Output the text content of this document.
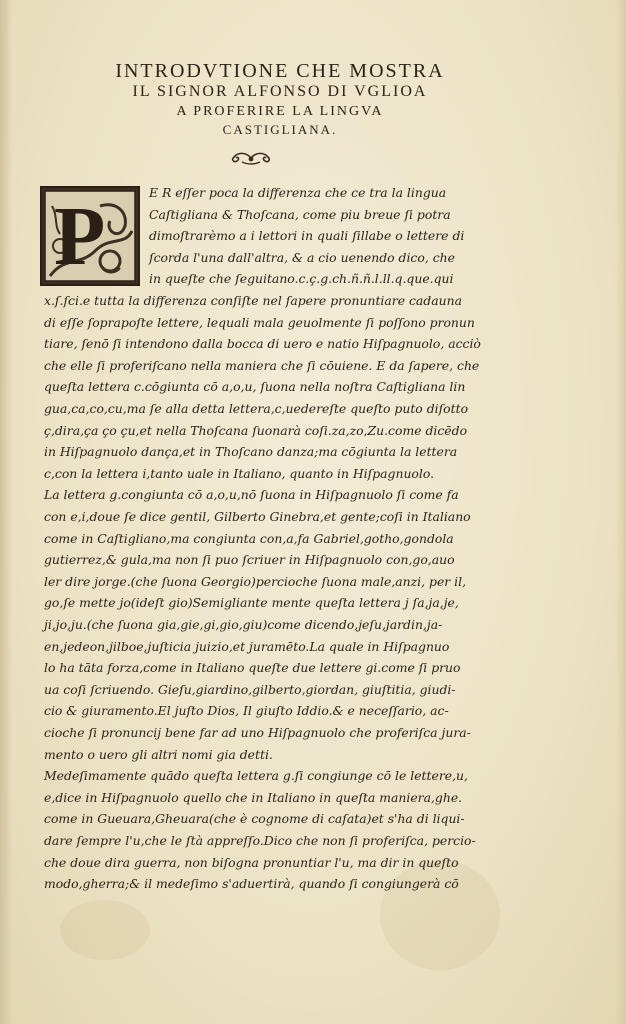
INTRODVTIONE CHE MOSTRA
IL SIGNOR ALFONSO DI VGLIOA
A PROFERIRE LA LINGVA
CASTIGLIANA.
P	E R eſſer poca la differenza che ce tra la lingua
Caſtigliana & Thoſcana, come piu breue ſi potra
dimoſtrarèmo a i lettori in quali ſillabe o lettere di
ſcorda l'una dall'altra, & a cio uenendo dico, che
in queſte che ſeguitano.c.ç.g.ch.ñ.ñ.l.ll.q.que.qui
x.ſ.ſci.e tutta la differenza conſiſte nel ſapere pronuntiare cadauna
di eſſe ſoprapoſte lettere, lequali mala geuolmente ſi poſſono pronun
tiare, ſenō ſi intendono dalla bocca di uero e natio Hiſpagnuolo, acciò
che elle ſi proferiſcano nella maniera che ſi cōuiene. E da ſapere, che
queſta lettera c.cōgiunta cō a,o,u, ſuona nella noſtra Caſtigliana lin
gua,ca,co,cu,ma ſe alla detta lettera,c,uedereſte queſto puto diſotto
ç,dira,ça ço çu,et nella Thoſcana ſuonarà coſi.za,zo,Zu.come dicēdo
in Hiſpagnuolo dança,et in Thoſcano danza;ma cōgiunta la lettera
c,con la lettera i,tanto uale in Italiano, quanto in Hiſpagnuolo.
La lettera g.congiunta cō a,o,u,nō ſuona in Hiſpagnuolo ſi come fa
con e,i,doue ſe dice gentil, Gilberto Ginebra,et gente;coſi in Italiano
come in Caſtigliano,ma congiunta con,a,fa Gabriel,gotho,gondola
gutierrez,& gula,ma non ſi puo ſcriuer in Hiſpagnuolo con,go,auo
ler dire jorge.(che ſuona Georgio)percioche ſuona male,anzi, per il,
go,ſe mette jo(ideſt gio)Semigliante mente queſta lettera j ſa,ja,je,
ji,jo,ju.(che ſuona gia,gie,gi,gio,giu)come dicendo,jeſu,jardin,ja-
en,jedeon,jilboe,juſticia juizio,et juramēto.La quale in Hiſpagnuo
lo ha tāta forza,come in Italiano queſte due lettere gi.come ſi pruo
ua coſi ſcriuendo. Gieſu,giardino,gilberto,giordan, giuſtitia, giudi-
cio & giuramento.El juſto Dios, Il giuſto Iddio.& e neceſſario, ac-
cioche ſi pronuncij bene far ad uno Hiſpagnuolo che proferiſca jura-
mento o uero gli altri nomi gia detti.
Medeſimamente quādo queſta lettera g.ſi congiunge cō le lettere,u,
e,dice in Hiſpagnuolo quello che in Italiano in queſta maniera,ghe.
come in Gueuara,Gheuara(che è cognome di caſata)et s'ha di liqui-
dare ſempre l'u,che le ſtà appreſſo.Dico che non ſi proferiſca, percio-
che doue dira guerra, non biſogna pronuntiar l'u, ma dir in queſto
modo,gherra;& il medeſimo s'aduertirà, quando ſi congiungerà cō
